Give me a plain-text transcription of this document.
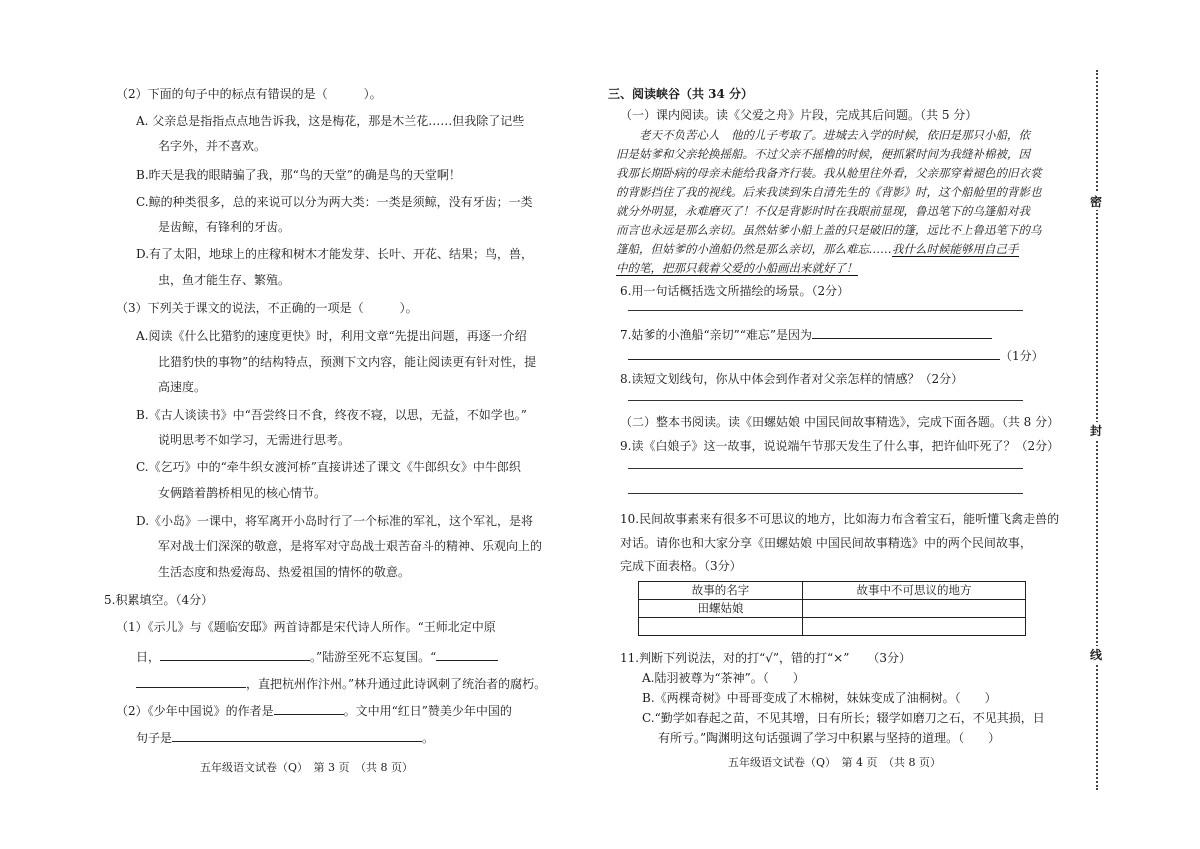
（2）下面的句子中的标点有错误的是（　　　）。
A. 父亲总是指指点点地告诉我，这是梅花，那是木兰花……但我除了记些
名字外，并不喜欢。
B.昨天是我的眼睛骗了我，那“鸟的天堂”的确是鸟的天堂啊！
C.鲸的种类很多，总的来说可以分为两大类：一类是须鲸，没有牙齿；一类
是齿鲸，有锋利的牙齿。
D.有了太阳，地球上的庄稼和树木才能发芽、长叶、开花、结果；鸟，兽，
虫，鱼才能生存、繁殖。
（3）下列关于课文的说法，不正确的一项是（　　　）。
A.阅读《什么比猎豹的速度更快》时，利用文章“先提出问题，再逐一介绍
比猎豹快的事物”的结构特点，预测下文内容，能让阅读更有针对性，提
高速度。
B.《古人谈读书》中“吾尝终日不食，终夜不寝，以思，无益，不如学也。”
说明思考不如学习，无需进行思考。
C.《乞巧》中的“牵牛织女渡河桥”直接讲述了课文《牛郎织女》中牛郎织
女俩踏着鹊桥相见的核心情节。
D.《小岛》一课中，将军离开小岛时行了一个标准的军礼，这个军礼，是将
军对战士们深深的敬意，是将军对守岛战士艰苦奋斗的精神、乐观向上的
生活态度和热爱海岛、热爱祖国的情怀的敬意。
5.积累填空。（4分）
（1）《示儿》与《题临安邸》两首诗都是宋代诗人所作。“王师北定中原
日，	。”陆游至死不忘复国。“
，直把杭州作汴州。”林升通过此诗讽刺了统治者的腐朽。
（2）《少年中国说》的作者是	。文中用“红日”赞美少年中国的
句子是	。
五年级语文试卷（Q）　第 3 页　（共 8 页）
三、阅读峡谷（共 34 分）
（一）课内阅读。读《父爱之舟》片段，完成其后问题。（共 5 分）
　　老天不负苦心人　他的儿子考取了。进城去入学的时候，依旧是那只小船，依
旧是姑爹和父亲轮换摇船。不过父亲不摇橹的时候，便抓紧时间为我缝补棉被，因
我那长期卧病的母亲未能给我备齐行装。我从舱里往外看，父亲那穿着褪色的旧衣裳
的背影挡住了我的视线。后来我读到朱自清先生的《背影》时，这个船舱里的背影也
就分外明显，永难磨灭了！不仅是背影时时在我眼前显现，鲁迅笔下的乌篷船对我
而言也永远是那么亲切。虽然姑爹小船上盖的只是破旧的篷，远比不上鲁迅笔下的乌
篷船，但姑爹的小渔船仍然是那么亲切，那么难忘……我什么时候能够用自己手
中的笔，把那只载着父爱的小船画出来就好了！
6.用一句话概括选文所描绘的场景。（2分）
7.姑爹的小渔船“亲切”“难忘”是因为
（1分）
8.读短文划线句，你从中体会到作者对父亲怎样的情感？（2分）
（二）整本书阅读。读《田螺姑娘 中国民间故事精选》，完成下面各题。（共 8 分）
9.读《白娘子》这一故事，说说端午节那天发生了什么事，把许仙吓死了？（2分）
10.民间故事素来有很多不可思议的地方，比如海力布含着宝石，能听懂飞禽走兽的
对话。请你也和大家分享《田螺姑娘 中国民间故事精选》中的两个民间故事，
完成下面表格。（3分）
故事的名字	故事中不可思议的地方
田螺姑娘	

11.判断下列说法，对的打“√”，错的打“×”　　（3分）
A.陆羽被尊为“茶神”。（　　）
B.《两棵奇树》中哥哥变成了木棉树，妹妹变成了油桐树。（　　）
C.“勤学如春起之苗，不见其增，日有所长；辍学如磨刀之石，不见其损，日
有所亏。”陶渊明这句话强调了学习中积累与坚持的道理。（　　）
五年级语文试卷（Q）　第 4 页　（共 8 页）
密
封
线
